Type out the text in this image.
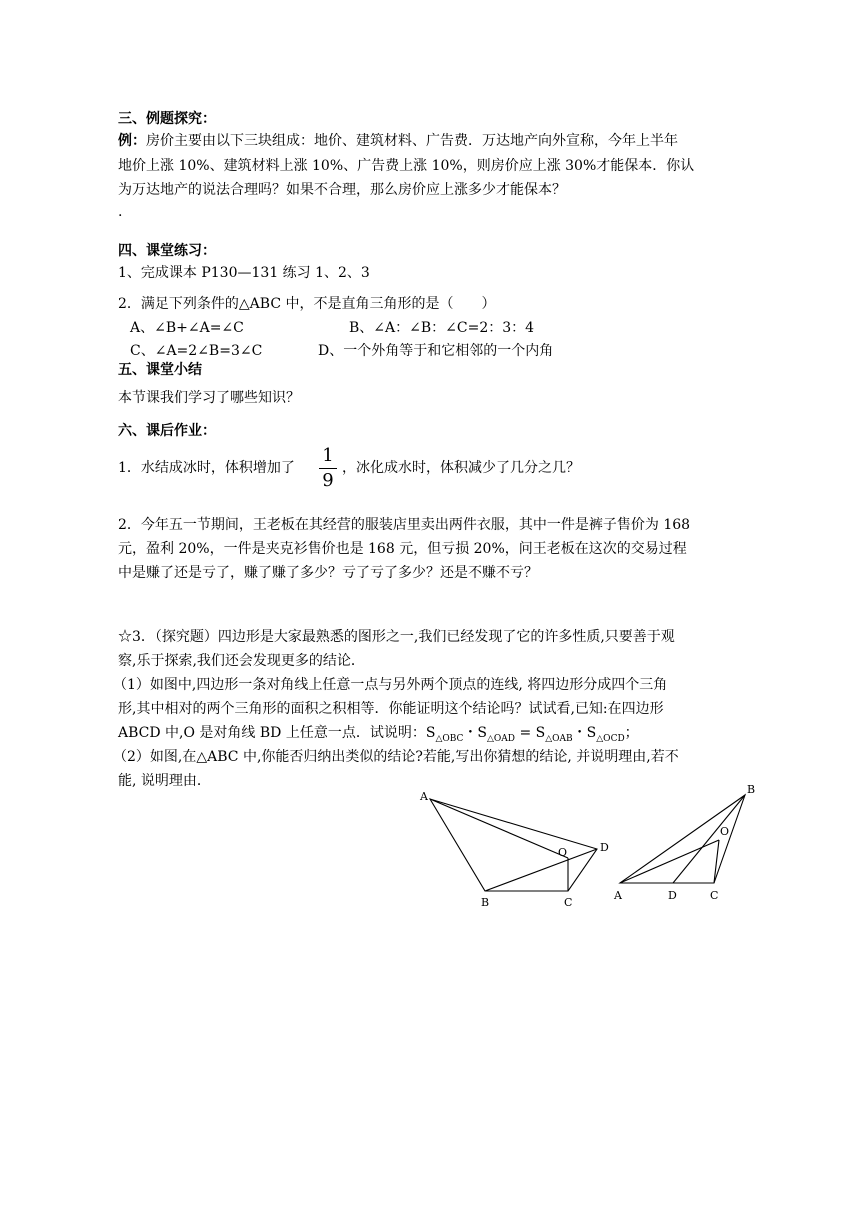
三、例题探究：
例：房价主要由以下三块组成：地价、建筑材料、广告费．万达地产向外宣称，今年上半年
地价上涨 10%、建筑材料上涨 10%、广告费上涨 10%，则房价应上涨 30%才能保本．你认
为万达地产的说法合理吗？如果不合理，那么房价应上涨多少才能保本？
.
四、课堂练习：
1、完成课本 P130—131 练习 1、2、3
2．满足下列条件的△ABC 中，不是直角三角形的是（　　）
A、∠B+∠A=∠C	B、∠A：∠B：∠C=2：3：4
C、∠A=2∠B=3∠C	D、一个外角等于和它相邻的一个内角
五、课堂小结
本节课我们学习了哪些知识？
六、课后作业：
1．水结成冰时，体积增加了
1
9
，冰化成水时，体积减少了几分之几？
2．今年五一节期间，王老板在其经营的服装店里卖出两件衣服，其中一件是裤子售价为 168
元，盈利 20%，一件是夹克衫售价也是 168 元，但亏损 20%，问王老板在这次的交易过程
中是赚了还是亏了，赚了赚了多少？亏了亏了多少？还是不赚不亏？
☆3．（探究题）四边形是大家最熟悉的图形之一,我们已经发现了它的许多性质,只要善于观
察,乐于探索,我们还会发现更多的结论．
（1）如图中,四边形一条对角线上任意一点与另外两个顶点的连线, 将四边形分成四个三角
形,其中相对的两个三角形的面积之积相等．你能证明这个结论吗？试试看,已知:在四边形
ABCD 中,O 是对角线 BD 上任意一点．试说明：$S_{\triangle OBC}$・$S_{\triangle OAD} = S_{\triangle OAB}$・$S_{\triangle OCD}$；
（2）如图,在△ABC 中,你能否归纳出类似的结论?若能,写出你猜想的结论, 并说明理由,若不
能, 说明理由．
A
B	C
D
O
A
B
C
D
O
